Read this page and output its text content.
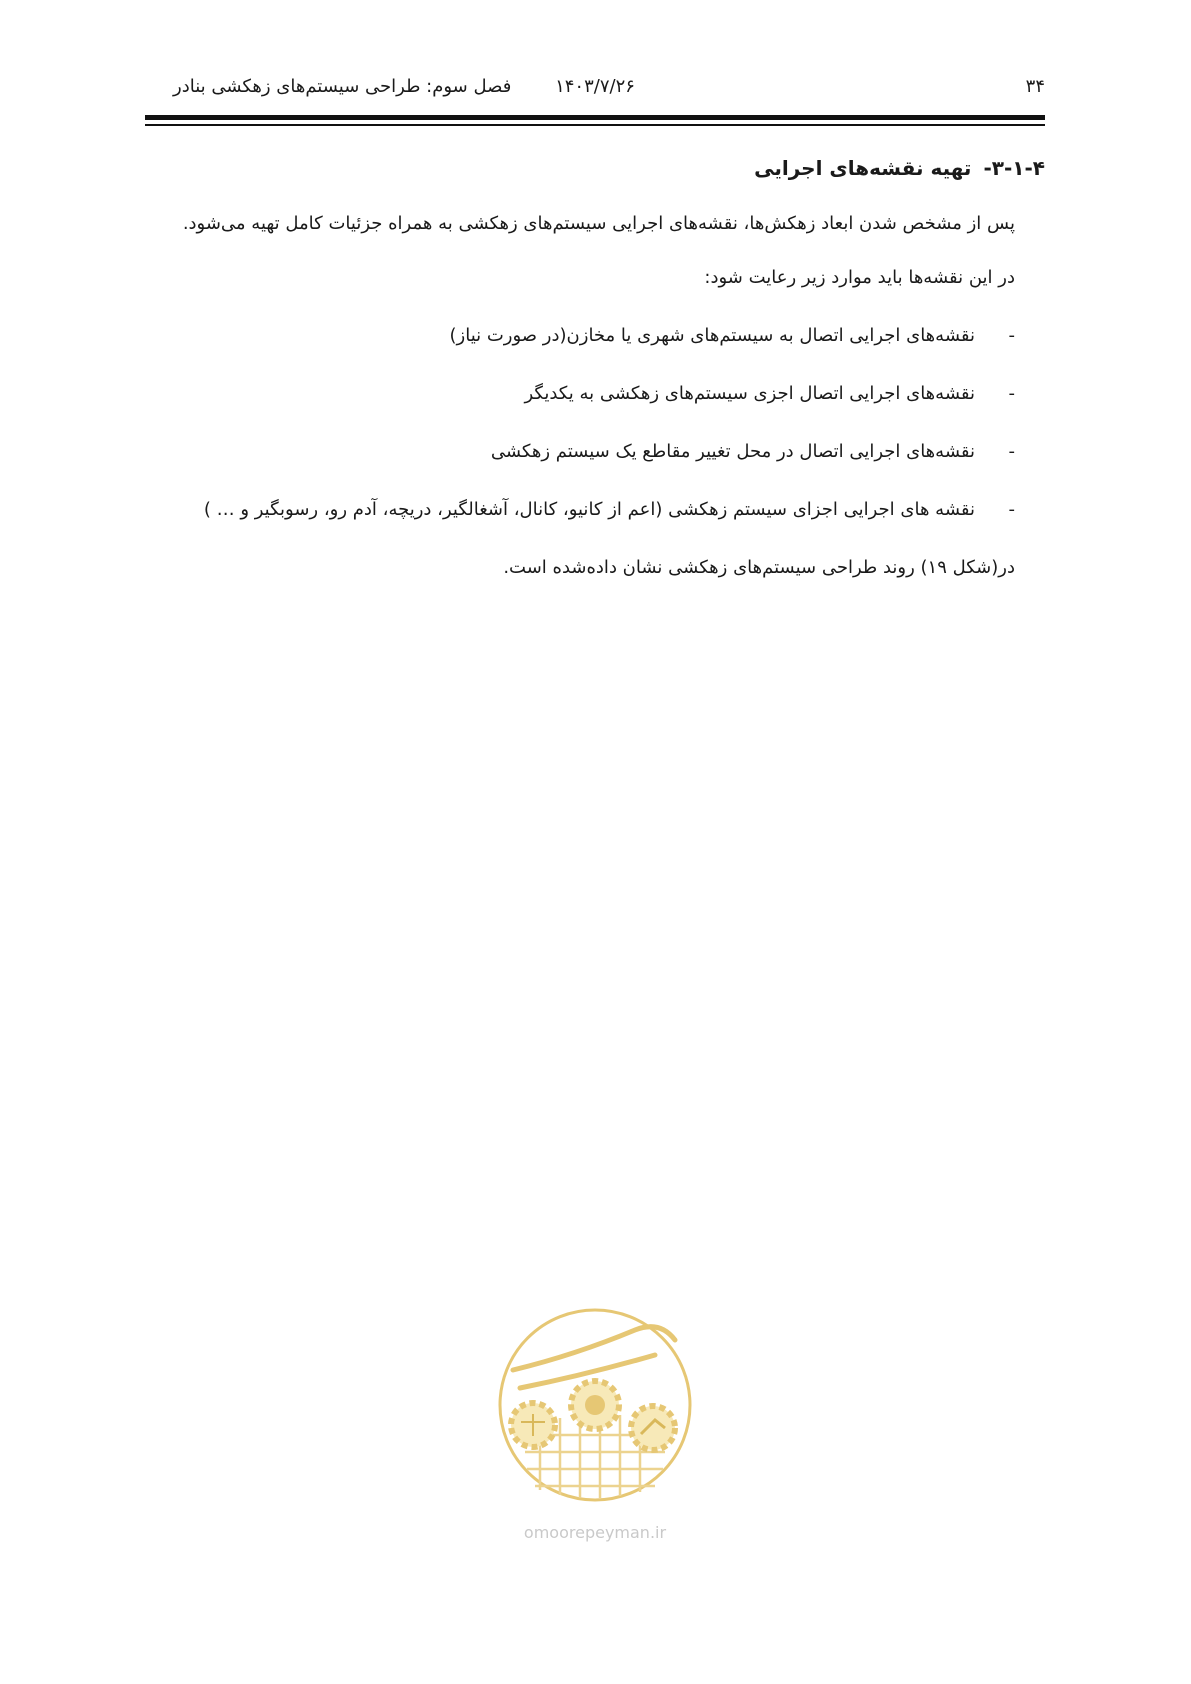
۳۴
۱۴۰۳/۷/۲۶
فصل سوم: طراحی سیستم‌های زهکشی بنادر
۳-۱-۴-تهیه نقشه‌های اجرایی

پس از مشخص شدن ابعاد زهکش‌ها، نقشه‌های اجرایی سیستم‌های زهکشی به همراه جزئیات کامل تهیه می‌شود.

در این نقشه‌ها باید موارد زیر رعایت شود:

-نقشه‌های اجرایی اتصال به سیستم‌های شهری یا مخازن(در صورت نیاز)
-نقشه‌های اجرایی اتصال اجزی سیستم‌های زهکشی به یکدیگر
-نقشه‌های اجرایی اتصال در محل تغییر مقاطع یک سیستم زهکشی
-نقشه های اجرایی اجزای سیستم زهکشی (اعم از کانیو، کانال، آشغالگیر، دریچه، آدم رو، رسوبگیر و … )

در(شکل ۱۹) روند طراحی سیستم‌های زهکشی نشان داده‌شده است.

omoorepeyman.ir
